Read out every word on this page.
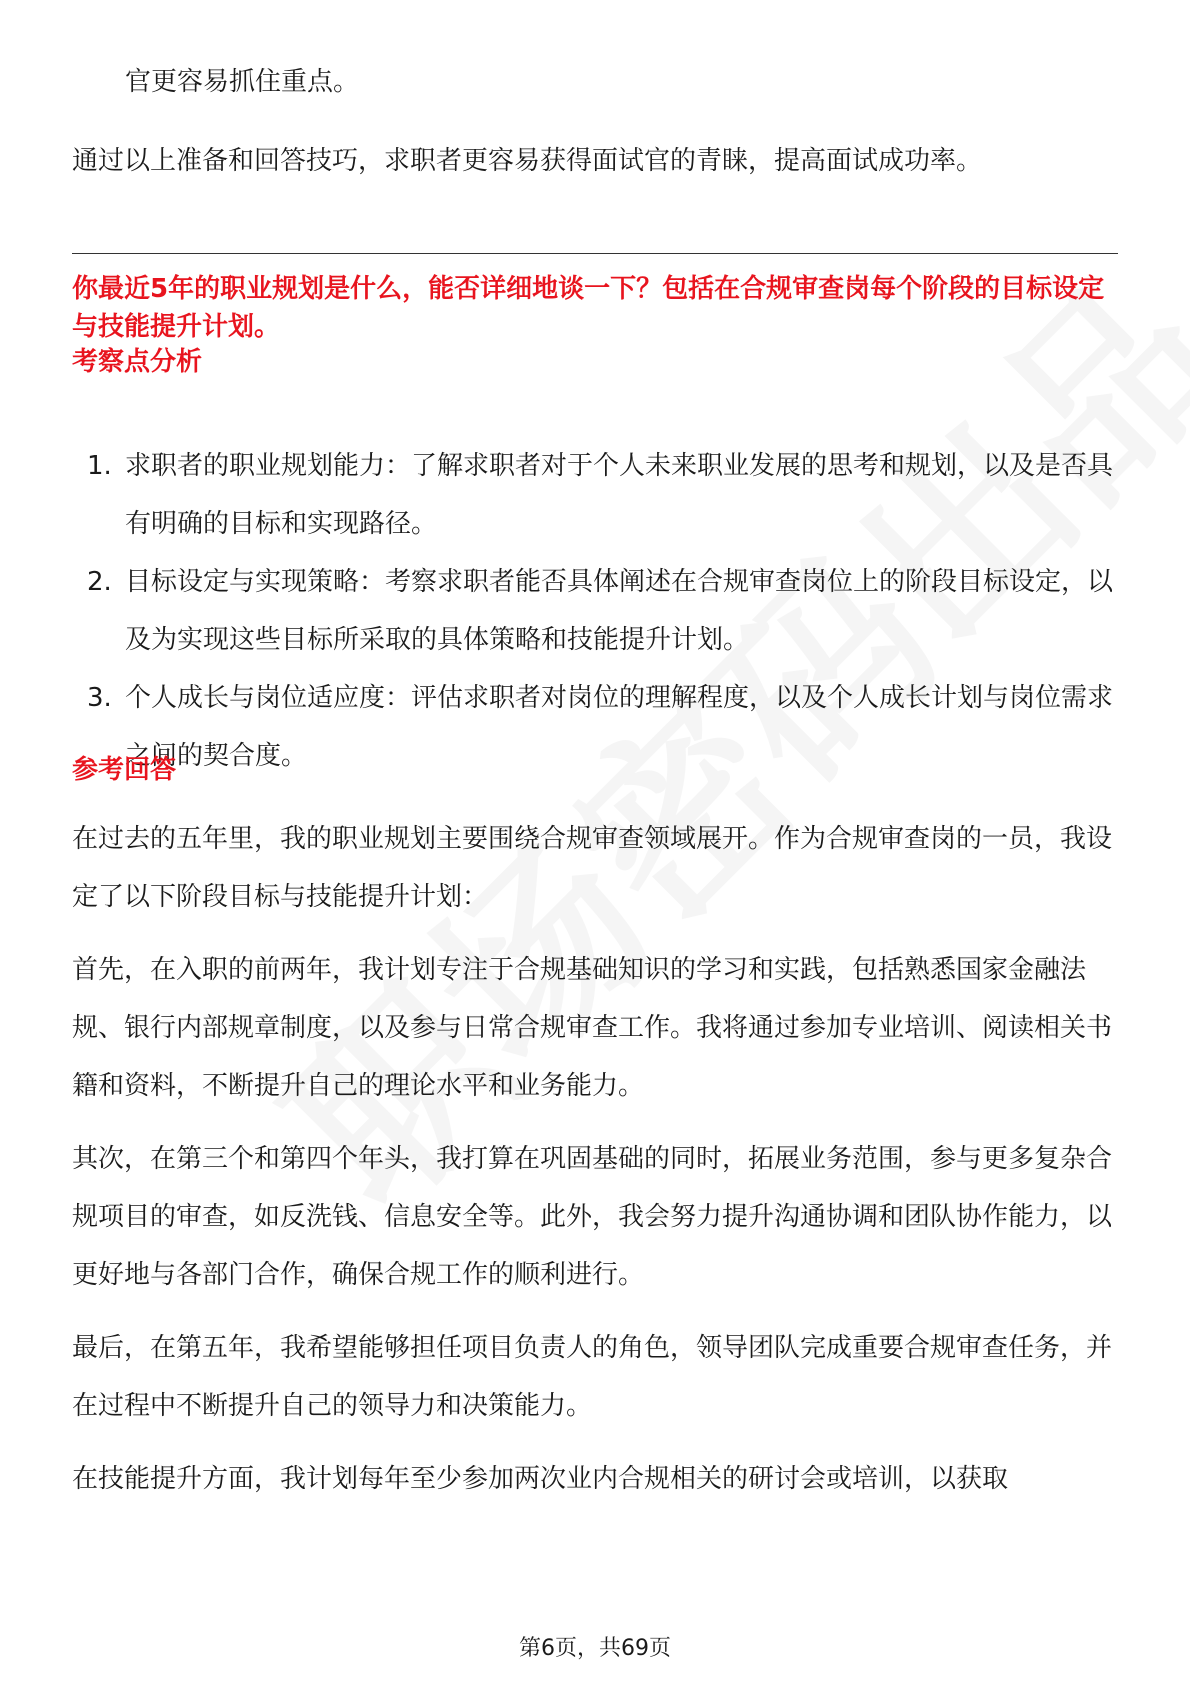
官更容易抓住重点。

通过以上准备和回答技巧，求职者更容易获得面试官的青睐，提高面试成功率。

你最近5年的职业规划是什么，能否详细地谈一下？包括在合规审查岗每个阶段的目标设定与技能提升计划。

考察点分析

1. 求职者的职业规划能力：了解求职者对于个人未来职业发展的思考和规划，以及是否具有明确的目标和实现路径。
2. 目标设定与实现策略：考察求职者能否具体阐述在合规审查岗位上的阶段目标设定，以及为实现这些目标所采取的具体策略和技能提升计划。
3. 个人成长与岗位适应度：评估求职者对岗位的理解程度，以及个人成长计划与岗位需求之间的契合度。

参考回答

在过去的五年里，我的职业规划主要围绕合规审查领域展开。作为合规审查岗的一员，我设定了以下阶段目标与技能提升计划：

首先，在入职的前两年，我计划专注于合规基础知识的学习和实践，包括熟悉国家金融法规、银行内部规章制度，以及参与日常合规审查工作。我将通过参加专业培训、阅读相关书籍和资料，不断提升自己的理论水平和业务能力。

其次，在第三个和第四个年头，我打算在巩固基础的同时，拓展业务范围，参与更多复杂合规项目的审查，如反洗钱、信息安全等。此外，我会努力提升沟通协调和团队协作能力，以更好地与各部门合作，确保合规工作的顺利进行。

最后，在第五年，我希望能够担任项目负责人的角色，领导团队完成重要合规审查任务，并在过程中不断提升自己的领导力和决策能力。

在技能提升方面，我计划每年至少参加两次业内合规相关的研讨会或培训，以获取

第6页，共69页
